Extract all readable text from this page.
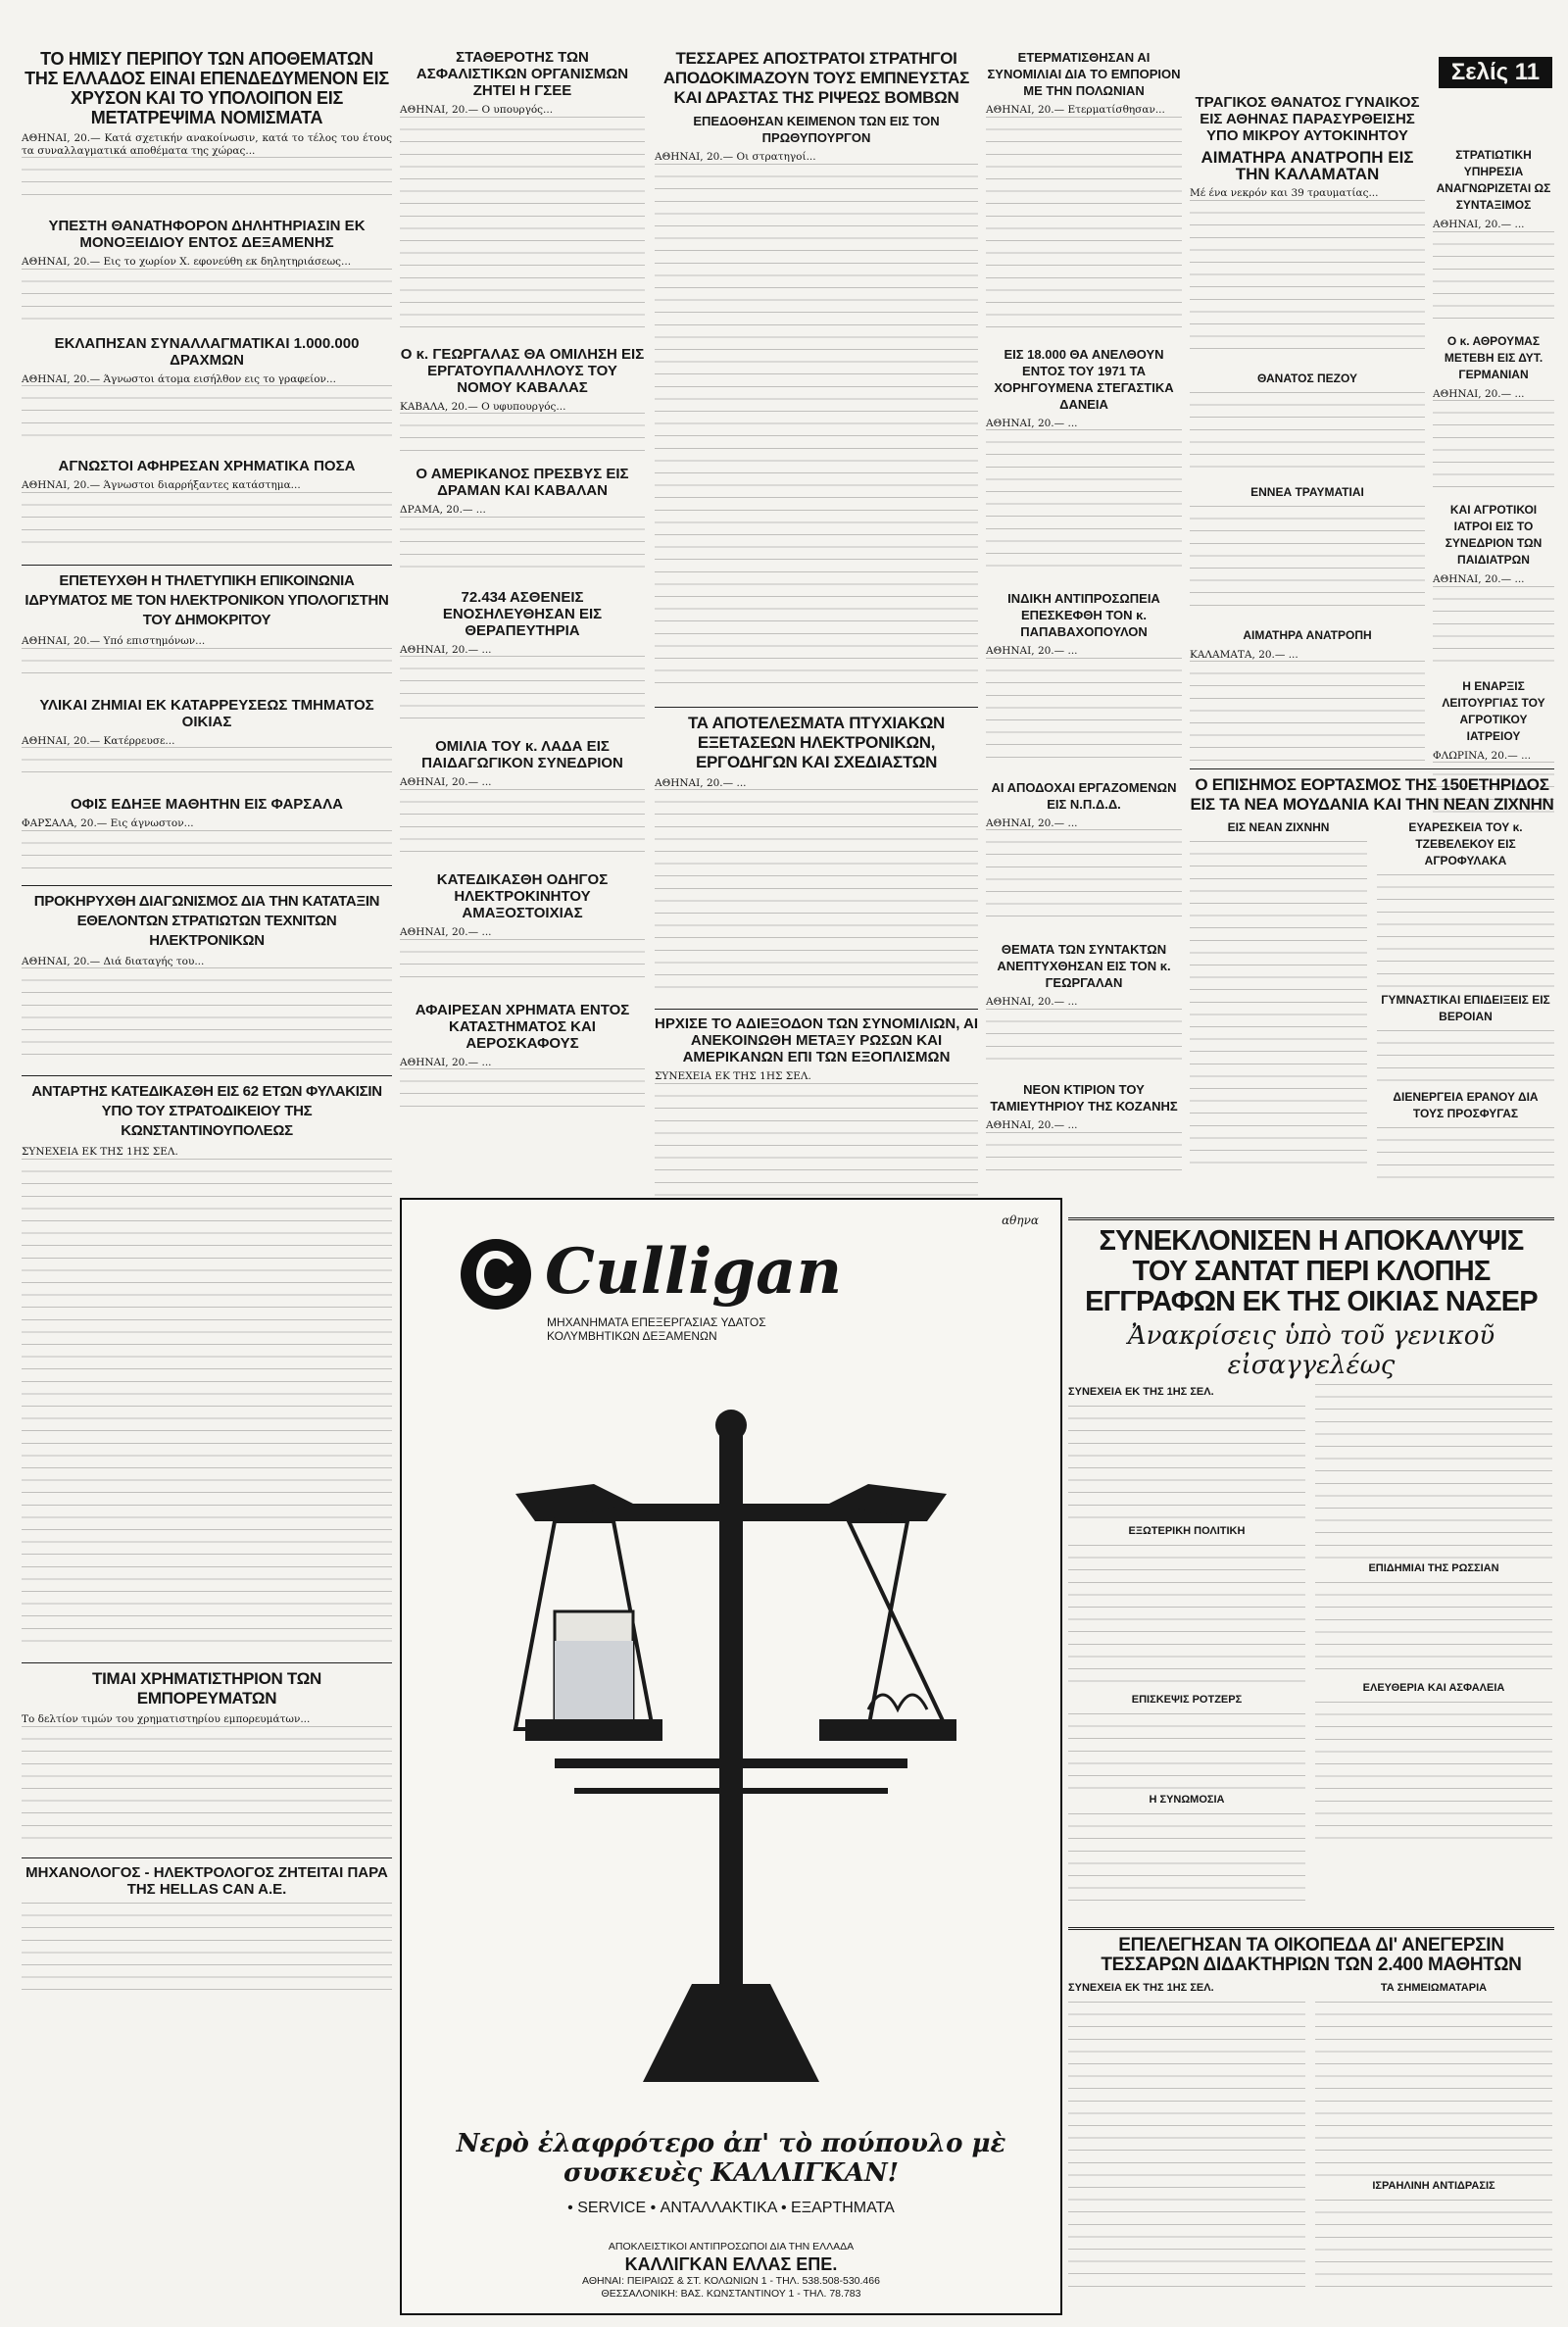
Σελίς 11
ΤΟ ΗΜΙΣΥ ΠΕΡΙΠΟΥ ΤΩΝ ΑΠΟΘΕΜΑΤΩΝ ΤΗΣ ΕΛΛΑΔΟΣ ΕΙΝΑΙ ΕΠΕΝΔΕΔΥΜΕΝΟΝ ΕΙΣ ΧΡΥΣΟΝ ΚΑΙ ΤΟ ΥΠΟΛΟΙΠΟΝ ΕΙΣ ΜΕΤΑΤΡΕΨΙΜΑ ΝΟΜΙΣΜΑΤΑ

ΑΘΗΝΑΙ, 20.— Κατά σχετικήν ανακοίνωσιν, κατά το τέλος του έτους τα συναλλαγματικά αποθέματα της χώρας...

ΥΠΕΣΤΗ ΘΑΝΑΤΗΦΟΡΟΝ ΔΗΛΗΤΗΡΙΑΣΙΝ ΕΚ ΜΟΝΟΞΕΙΔΙΟΥ ΕΝΤΟΣ ΔΕΞΑΜΕΝΗΣ

ΑΘΗΝΑΙ, 20.— Εις το χωρίον Χ. εφονεύθη εκ δηλητηριάσεως...

ΕΚΛΑΠΗΣΑΝ ΣΥΝΑΛΛΑΓΜΑΤΙΚΑΙ 1.000.000 ΔΡΑΧΜΩΝ

ΑΘΗΝΑΙ, 20.— Άγνωστοι άτομα εισήλθον εις το γραφείον...

ΑΓΝΩΣΤΟΙ ΑΦΗΡΕΣΑΝ ΧΡΗΜΑΤΙΚΑ ΠΟΣΑ

ΑΘΗΝΑΙ, 20.— Άγνωστοι διαρρήξαντες κατάστημα...

ΕΠΕΤΕΥΧΘΗ Η ΤΗΛΕΤΥΠΙΚΗ ΕΠΙΚΟΙΝΩΝΙΑ ΙΔΡΥΜΑΤΟΣ ΜΕ ΤΟΝ ΗΛΕΚΤΡΟΝΙΚΟΝ ΥΠΟΛΟΓΙΣΤΗΝ ΤΟΥ ΔΗΜΟΚΡΙΤΟΥ

ΑΘΗΝΑΙ, 20.— Υπό επιστημόνων...

ΥΛΙΚΑΙ ΖΗΜΙΑΙ ΕΚ ΚΑΤΑΡΡΕΥΣΕΩΣ ΤΜΗΜΑΤΟΣ ΟΙΚΙΑΣ

ΑΘΗΝΑΙ, 20.— Κατέρρευσε...

ΟΦΙΣ ΕΔΗΞΕ ΜΑΘΗΤΗΝ ΕΙΣ ΦΑΡΣΑΛΑ

ΦΑΡΣΑΛΑ, 20.— Εις άγνωστον...

ΠΡΟΚΗΡΥΧΘΗ ΔΙΑΓΩΝΙΣΜΟΣ ΔΙΑ ΤΗΝ ΚΑΤΑΤΑΞΙΝ ΕΘΕΛΟΝΤΩΝ ΣΤΡΑΤΙΩΤΩΝ ΤΕΧΝΙΤΩΝ ΗΛΕΚΤΡΟΝΙΚΩΝ

ΑΘΗΝΑΙ, 20.— Διά διαταγής του...

ΑΝΤΑΡΤΗΣ ΚΑΤΕΔΙΚΑΣΘΗ ΕΙΣ 62 ΕΤΩΝ ΦΥΛΑΚΙΣΙΝ ΥΠΟ ΤΟΥ ΣΤΡΑΤΟΔΙΚΕΙΟΥ ΤΗΣ ΚΩΝΣΤΑΝΤΙΝΟΥΠΟΛΕΩΣ

ΣΥΝΕΧΕΙΑ ΕΚ ΤΗΣ 1ΗΣ ΣΕΛ.

ΤΙΜΑΙ ΧΡΗΜΑΤΙΣΤΗΡΙΟΝ ΤΩΝ ΕΜΠΟΡΕΥΜΑΤΩΝ

Το δελτίον τιμών του χρηματιστηρίου εμπορευμάτων...

ΜΗΧΑΝΟΛΟΓΟΣ - ΗΛΕΚΤΡΟΛΟΓΟΣ ΖΗΤΕΙΤΑΙ ΠΑΡΑ ΤΗΣ HELLAS CAN A.E.
ΣΤΑΘΕΡΟΤΗΣ ΤΩΝ ΑΣΦΑΛΙΣΤΙΚΩΝ ΟΡΓΑΝΙΣΜΩΝ ΖΗΤΕΙ Η ΓΣΕΕ

ΑΘΗΝΑΙ, 20.— Ο υπουργός...

Ο κ. ΓΕΩΡΓΑΛΑΣ ΘΑ ΟΜΙΛΗΣΗ ΕΙΣ ΕΡΓΑΤΟΥΠΑΛΛΗΛΟΥΣ ΤΟΥ ΝΟΜΟΥ ΚΑΒΑΛΑΣ

ΚΑΒΑΛΑ, 20.— Ο υφυπουργός...

Ο ΑΜΕΡΙΚΑΝΟΣ ΠΡΕΣΒΥΣ ΕΙΣ ΔΡΑΜΑΝ ΚΑΙ ΚΑΒΑΛΑΝ

ΔΡΑΜΑ, 20.— ...

72.434 ΑΣΘΕΝΕΙΣ ΕΝΟΣΗΛΕΥΘΗΣΑΝ ΕΙΣ ΘΕΡΑΠΕΥΤΗΡΙΑ

ΑΘΗΝΑΙ, 20.— ...

ΟΜΙΛΙΑ ΤΟΥ κ. ΛΑΔΑ ΕΙΣ ΠΑΙΔΑΓΩΓΙΚΟΝ ΣΥΝΕΔΡΙΟΝ

ΑΘΗΝΑΙ, 20.— ...

ΚΑΤΕΔΙΚΑΣΘΗ ΟΔΗΓΟΣ ΗΛΕΚΤΡΟΚΙΝΗΤΟΥ ΑΜΑΞΟΣΤΟΙΧΙΑΣ

ΑΘΗΝΑΙ, 20.— ...

ΑΦΑΙΡΕΣΑΝ ΧΡΗΜΑΤΑ ΕΝΤΟΣ ΚΑΤΑΣΤΗΜΑΤΟΣ ΚΑΙ ΑΕΡΟΣΚΑΦΟΥΣ

ΑΘΗΝΑΙ, 20.— ...

ΤΕΣΣΑΡΕΣ ΑΠΟΣΤΡΑΤΟΙ ΣΤΡΑΤΗΓΟΙ ΑΠΟΔΟΚΙΜΑΖΟΥΝ ΤΟΥΣ ΕΜΠΝΕΥΣΤΑΣ ΚΑΙ ΔΡΑΣΤΑΣ ΤΗΣ ΡΙΨΕΩΣ ΒΟΜΒΩΝ
ΕΠΕΔΟΘΗΣΑΝ ΚΕΙΜΕΝΟΝ ΤΩΝ ΕΙΣ ΤΟΝ ΠΡΩΘΥΠΟΥΡΓΟΝ

ΑΘΗΝΑΙ, 20.— Οι στρατηγοί...

ΤΑ ΑΠΟΤΕΛΕΣΜΑΤΑ ΠΤΥΧΙΑΚΩΝ ΕΞΕΤΑΣΕΩΝ ΗΛΕΚΤΡΟΝΙΚΩΝ, ΕΡΓΟΔΗΓΩΝ ΚΑΙ ΣΧΕΔΙΑΣΤΩΝ

ΑΘΗΝΑΙ, 20.— ...

ΗΡΧΙΣΕ ΤΟ ΑΔΙΕΞΟΔΟΝ ΤΩΝ ΣΥΝΟΜΙΛΙΩΝ, ΑΙ ΑΝΕΚΟΙΝΩΘΗ ΜΕΤΑΞΥ ΡΩΣΩΝ ΚΑΙ ΑΜΕΡΙΚΑΝΩΝ ΕΠΙ ΤΩΝ ΕΞΟΠΛΙΣΜΩΝ

ΣΥΝΕΧΕΙΑ ΕΚ ΤΗΣ 1ΗΣ ΣΕΛ.

ΕΤΕΡΜΑΤΙΣΘΗΣΑΝ ΑΙ ΣΥΝΟΜΙΛΙΑΙ ΔΙΑ ΤΟ ΕΜΠΟΡΙΟΝ ΜΕ ΤΗΝ ΠΟΛΩΝΙΑΝ

ΑΘΗΝΑΙ, 20.— Ετερματίσθησαν...

ΕΙΣ 18.000 ΘΑ ΑΝΕΛΘΟΥΝ ΕΝΤΟΣ ΤΟΥ 1971 ΤΑ ΧΟΡΗΓΟΥΜΕΝΑ ΣΤΕΓΑΣΤΙΚΑ ΔΑΝΕΙΑ

ΑΘΗΝΑΙ, 20.— ...

ΙΝΔΙΚΗ ΑΝΤΙΠΡΟΣΩΠΕΙΑ ΕΠΕΣΚΕΦΘΗ ΤΟΝ κ. ΠΑΠΑΒΑΧΟΠΟΥΛΟΝ

ΑΘΗΝΑΙ, 20.— ...

ΑΙ ΑΠΟΔΟΧΑΙ ΕΡΓΑΖΟΜΕΝΩΝ ΕΙΣ Ν.Π.Δ.Δ.

ΑΘΗΝΑΙ, 20.— ...

ΘΕΜΑΤΑ ΤΩΝ ΣΥΝΤΑΚΤΩΝ ΑΝΕΠΤΥΧΘΗΣΑΝ ΕΙΣ ΤΟΝ κ. ΓΕΩΡΓΑΛΑΝ

ΑΘΗΝΑΙ, 20.— ...

ΝΕΟΝ ΚΤΙΡΙΟΝ ΤΟΥ ΤΑΜΙΕΥΤΗΡΙΟΥ ΤΗΣ ΚΟΖΑΝΗΣ

ΑΘΗΝΑΙ, 20.— ...

ΤΡΑΓΙΚΟΣ ΘΑΝΑΤΟΣ ΓΥΝΑΙΚΟΣ ΕΙΣ ΑΘΗΝΑΣ ΠΑΡΑΣΥΡΘΕΙΣΗΣ ΥΠΟ ΜΙΚΡΟΥ ΑΥΤΟΚΙΝΗΤΟΥ
ΑΙΜΑΤΗΡΑ ΑΝΑΤΡΟΠΗ ΕΙΣ ΤΗΝ ΚΑΛΑΜΑΤΑΝ

Μέ ένα νεκρόν και 39 τραυματίας...

ΘΑΝΑΤΟΣ ΠΕΖΟΥ
ΕΝΝΕΑ ΤΡΑΥΜΑΤΙΑΙ
ΑΙΜΑΤΗΡΑ ΑΝΑΤΡΟΠΗ

ΚΑΛΑΜΑΤΑ, 20.— ...

ΣΤΡΑΤΙΩΤΙΚΗ ΥΠΗΡΕΣΙΑ ΑΝΑΓΝΩΡΙΖΕΤΑΙ ΩΣ ΣΥΝΤΑΞΙΜΟΣ

ΑΘΗΝΑΙ, 20.— ...

Ο κ. ΑΘΡΟΥΜΑΣ ΜΕΤΕΒΗ ΕΙΣ ΔΥΤ. ΓΕΡΜΑΝΙΑΝ

ΑΘΗΝΑΙ, 20.— ...

ΚΑΙ ΑΓΡΟΤΙΚΟΙ ΙΑΤΡΟΙ ΕΙΣ ΤΟ ΣΥΝΕΔΡΙΟΝ ΤΩΝ ΠΑΙΔΙΑΤΡΩΝ

ΑΘΗΝΑΙ, 20.— ...

Η ΕΝΑΡΞΙΣ ΛΕΙΤΟΥΡΓΙΑΣ ΤΟΥ ΑΓΡΟΤΙΚΟΥ ΙΑΤΡΕΙΟΥ

ΦΛΩΡΙΝΑ, 20.— ...

Ο ΕΠΙΣΗΜΟΣ ΕΟΡΤΑΣΜΟΣ ΤΗΣ 150ΕΤΗΡΙΔΟΣ ΕΙΣ ΤΑ ΝΕΑ ΜΟΥΔΑΝΙΑ ΚΑΙ ΤΗΝ ΝΕΑΝ ΖΙΧΝΗΝ
ΕΙΣ ΝΕΑΝ ΖΙΧΝΗΝ	ΕΥΑΡΕΣΚΕΙΑ ΤΟΥ κ. ΤΖΕΒΕΛΕΚΟΥ ΕΙΣ ΑΓΡΟΦΥΛΑΚΑ
ΓΥΜΝΑΣΤΙΚΑΙ ΕΠΙΔΕΙΞΕΙΣ ΕΙΣ ΒΕΡΟΙΑΝ
ΔΙΕΝΕΡΓΕΙΑ ΕΡΑΝΟΥ ΔΙΑ ΤΟΥΣ ΠΡΟΣΦΥΓΑΣ
ΣΥΝΕΚΛΟΝΙΣΕΝ Η ΑΠΟΚΑΛΥΨΙΣ ΤΟΥ ΣΑΝΤΑΤ ΠΕΡΙ ΚΛΟΠΗΣ ΕΓΓΡΑΦΩΝ ΕΚ ΤΗΣ ΟΙΚΙΑΣ ΝΑΣΕΡ
Ἀνακρίσεις ὑπὸ τοῦ γενικοῦ εἰσαγγελέως
ΣΥΝΕΧΕΙΑ ΕΚ ΤΗΣ 1ΗΣ ΣΕΛ.
ΕΞΩΤΕΡΙΚΗ ΠΟΛΙΤΙΚΗ
ΕΠΙΣΚΕΨΙΣ ΡΟΤΖΕΡΣ
Η ΣΥΝΩΜΟΣΙΑ
ΕΠΙΔΗΜΙΑΙ ΤΗΣ ΡΩΣΣΙΑΝ
ΕΛΕΥΘΕΡΙΑ ΚΑΙ ΑΣΦΑΛΕΙΑ
ΕΠΕΛΕΓΗΣΑΝ ΤΑ ΟΙΚΟΠΕΔΑ ΔΙ' ΑΝΕΓΕΡΣΙΝ ΤΕΣΣΑΡΩΝ ΔΙΔΑΚΤΗΡΙΩΝ ΤΩΝ 2.400 ΜΑΘΗΤΩΝ
ΣΥΝΕΧΕΙΑ ΕΚ ΤΗΣ 1ΗΣ ΣΕΛ.	ΤΑ ΣΗΜΕΙΩΜΑΤΑΡΙΑ
ΙΣΡΑΗΛΙΝΗ ΑΝΤΙΔΡΑΣΙΣ
αθηνα
Culligan
ΜΗΧΑΝΗΜΑΤΑ ΕΠΕΞΕΡΓΑΣΙΑΣ ΥΔΑΤΟΣ
ΚΟΛΥΜΒΗΤΙΚΩΝ ΔΕΞΑΜΕΝΩΝ
Νερὸ ἐλαφρότερο ἀπ' τὸ πούπουλο μὲ συσκευὲς ΚΑΛΛΙΓΚΑΝ!
• SERVICE • ΑΝΤΑΛΛΑΚΤΙΚΑ • ΕΞΑΡΤΗΜΑΤΑ
ΑΠΟΚΛΕΙΣΤΙΚΟΙ ΑΝΤΙΠΡΟΣΩΠΟΙ ΔΙΑ ΤΗΝ ΕΛΛΑΔΑ
ΚΑΛΛΙΓΚΑΝ ΕΛΛΑΣ ΕΠΕ.
ΑΘΗΝΑΙ: ΠΕΙΡΑΙΩΣ & ΣΤ. ΚΟΛΩΝΙΩΝ 1 - ΤΗΛ. 538.508-530.466
ΘΕΣΣΑΛΟΝΙΚΗ: ΒΑΣ. ΚΩΝΣΤΑΝΤΙΝΟΥ 1 - ΤΗΛ. 78.783
